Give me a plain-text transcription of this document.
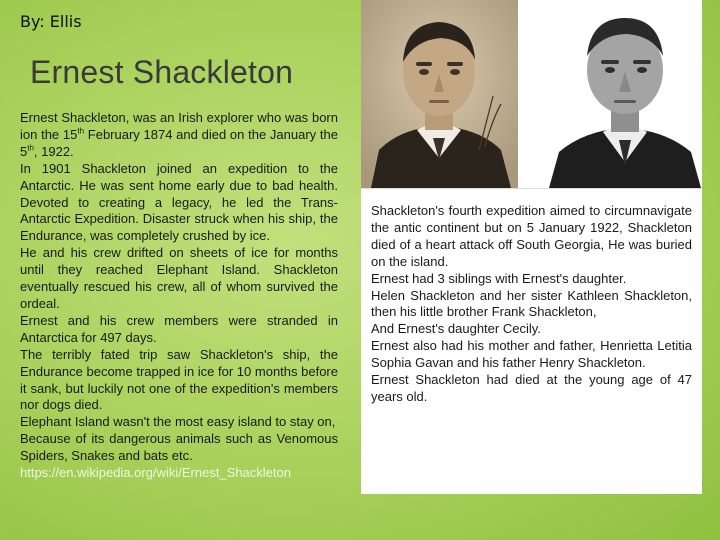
By: Ellis
Ernest Shackleton

Ernest Shackleton, was an Irish explorer who was born ion the 15th February 1874 and died on the January the 5th, 1922.

In 1901 Shackleton joined an expedition to the Antarctic. He was sent home early due to bad health. Devoted to creating a legacy, he led the Trans-Antarctic Expedition. Disaster struck when his ship, the Endurance, was completely crushed by ice.

He and his crew drifted on sheets of ice for months until they reached Elephant Island. Shackleton eventually rescued his crew, all of whom survived the ordeal.

Ernest and his crew members were stranded in Antarctica for 497 days.

The terribly fated trip saw Shackleton's ship, the Endurance become trapped in ice for 10 months before it sank, but luckily not one of the expedition's members nor dogs died.

Elephant Island wasn't the most easy island to stay on,

Because of its dangerous animals such as Venomous Spiders, Snakes and bats etc.

https://en.wikipedia.org/wiki/Ernest_Shackleton

Shackleton's fourth expedition aimed to circumnavigate the antic continent but on 5 January 1922, Shackleton died of a heart attack off South Georgia, He was buried on the island.

Ernest had 3 siblings with Ernest's daughter.

Helen Shackleton and her sister Kathleen Shackleton, then his little brother Frank Shackleton,

And Ernest's daughter Cecily.

Ernest also had his mother and father, Henrietta Letitia Sophia Gavan and his father Henry Shackleton.

Ernest Shackleton had died at the young age of 47 years old.
